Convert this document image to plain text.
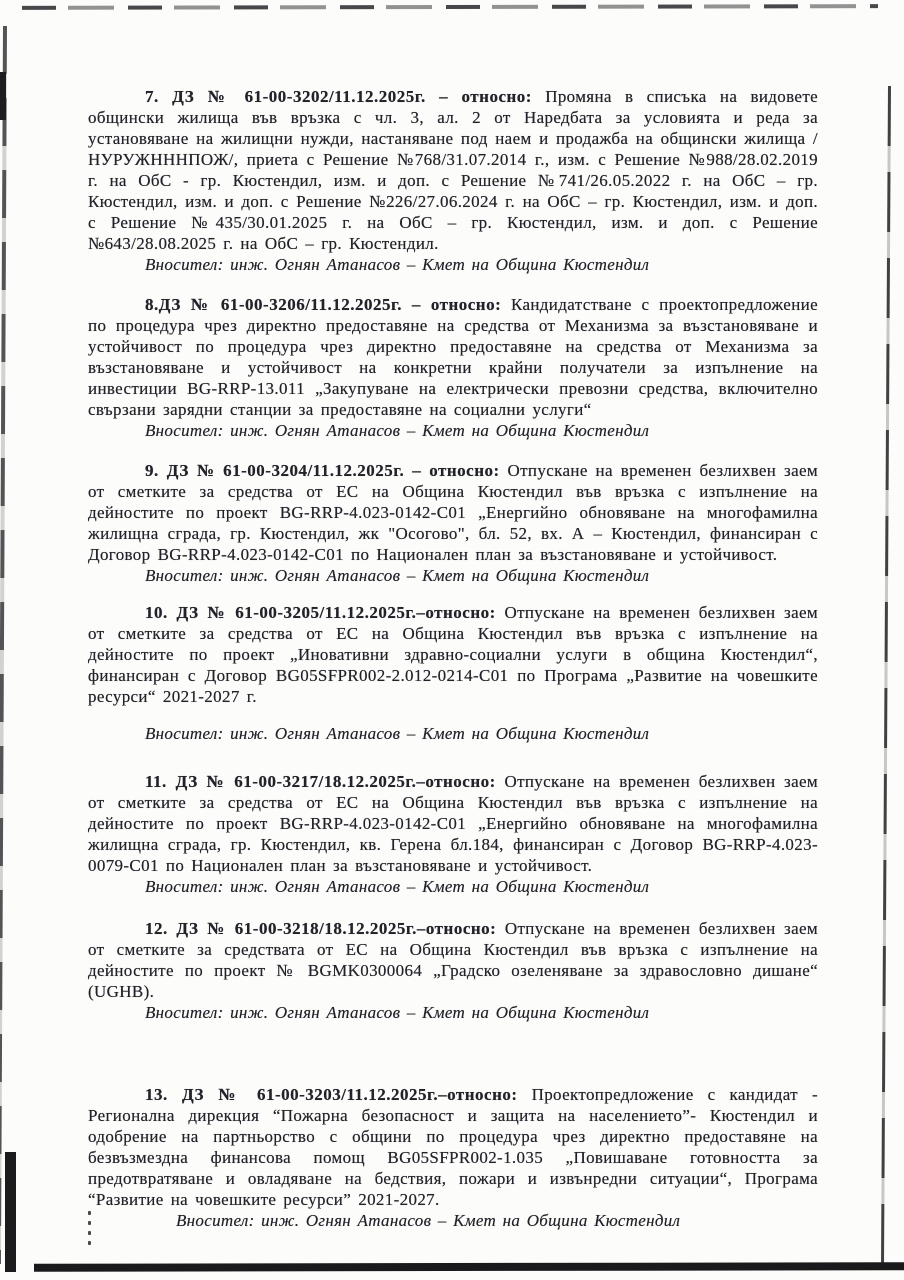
7. ДЗ № 61-00-3202/11.12.2025г. – относно: Промяна в списъка на видовете общински жилища във връзка с чл. 3, ал. 2 от Наредбата за условията и реда за установяване на жилищни нужди, настаняване под наем и продажба на общински жилища /НУРУЖНННПОЖ/, приета с Решение №768/31.07.2014 г., изм. с Решение №988/28.02.2019 г. на ОбС - гр. Кюстендил, изм. и доп. с Решение №741/26.05.2022 г. на ОбС – гр. Кюстендил, изм. и доп. с Решение №226/27.06.2024 г. на ОбС – гр. Кюстендил, изм. и доп. с Решение №435/30.01.2025 г. на ОбС – гр. Кюстендил, изм. и доп. с Решение №643/28.08.2025 г. на ОбС – гр. Кюстендил.

Вносител: инж. Огнян Атанасов – Кмет на Община Кюстендил

8.ДЗ № 61-00-3206/11.12.2025г. – относно: Кандидатстване с проектопредложение по процедура чрез директно предоставяне на средства от Механизма за възстановяване и устойчивост по процедура чрез директно предоставяне на средства от Механизма за възстановяване и устойчивост на конкретни крайни получатели за изпълнение на инвестиции BG-RRP-13.011 „Закупуване на електрически превозни средства, включително свързани зарядни станции за предоставяне на социални услуги“

Вносител: инж. Огнян Атанасов – Кмет на Община Кюстендил

9. ДЗ № 61-00-3204/11.12.2025г. – относно: Отпускане на временен безлихвен заем от сметките за средства от ЕС на Община Кюстендил във връзка с изпълнение на дейностите по проект BG-RRP-4.023-0142-C01 „Енергийно обновяване на многофамилна жилищна сграда, гр. Кюстендил, жк "Осогово", бл. 52, вх. А – Кюстендил, финансиран с Договор BG-RRP-4.023-0142-C01 по Национален план за възстановяване и устойчивост.

Вносител: инж. Огнян Атанасов – Кмет на Община Кюстендил

10. ДЗ № 61-00-3205/11.12.2025г.–относно: Отпускане на временен безлихвен заем от сметките за средства от ЕС на Община Кюстендил във връзка с изпълнение на дейностите по проект „Иновативни здравно-социални услуги в община Кюстендил“, финансиран с Договор BG05SFPR002-2.012-0214-C01 по Програма „Развитие на човешките ресурси“ 2021-2027 г.

Вносител: инж. Огнян Атанасов – Кмет на Община Кюстендил

11. ДЗ № 61-00-3217/18.12.2025г.–относно: Отпускане на временен безлихвен заем от сметките за средства от ЕС на Община Кюстендил във връзка с изпълнение на дейностите по проект BG-RRP-4.023-0142-C01 „Енергийно обновяване на многофамилна жилищна сграда, гр. Кюстендил, кв. Герена бл.184, финансиран с Договор BG-RRP-4.023-0079-C01 по Национален план за възстановяване и устойчивост.

Вносител: инж. Огнян Атанасов – Кмет на Община Кюстендил

12. ДЗ № 61-00-3218/18.12.2025г.–относно: Отпускане на временен безлихвен заем от сметките за средствата от ЕС на Община Кюстендил във връзка с изпълнение на дейностите по проект № BGMK0300064 „Градско озеленяване за здравословно дишане“ (UGHB).

Вносител: инж. Огнян Атанасов – Кмет на Община Кюстендил

13. ДЗ № 61-00-3203/11.12.2025г.–относно: Проектопредложение с кандидат - Регионална дирекция “Пожарна безопасност и защита на населението”- Кюстендил и одобрение на партньорство с общини по процедура чрез директно предоставяне на безвъзмездна финансова помощ BG05SFPR002-1.035 „Повишаване готовността за предотвратяване и овладяване на бедствия, пожари и извънредни ситуации“, Програма “Развитие на човешките ресурси” 2021-2027.

Вносител: инж. Огнян Атанасов – Кмет на Община Кюстендил
